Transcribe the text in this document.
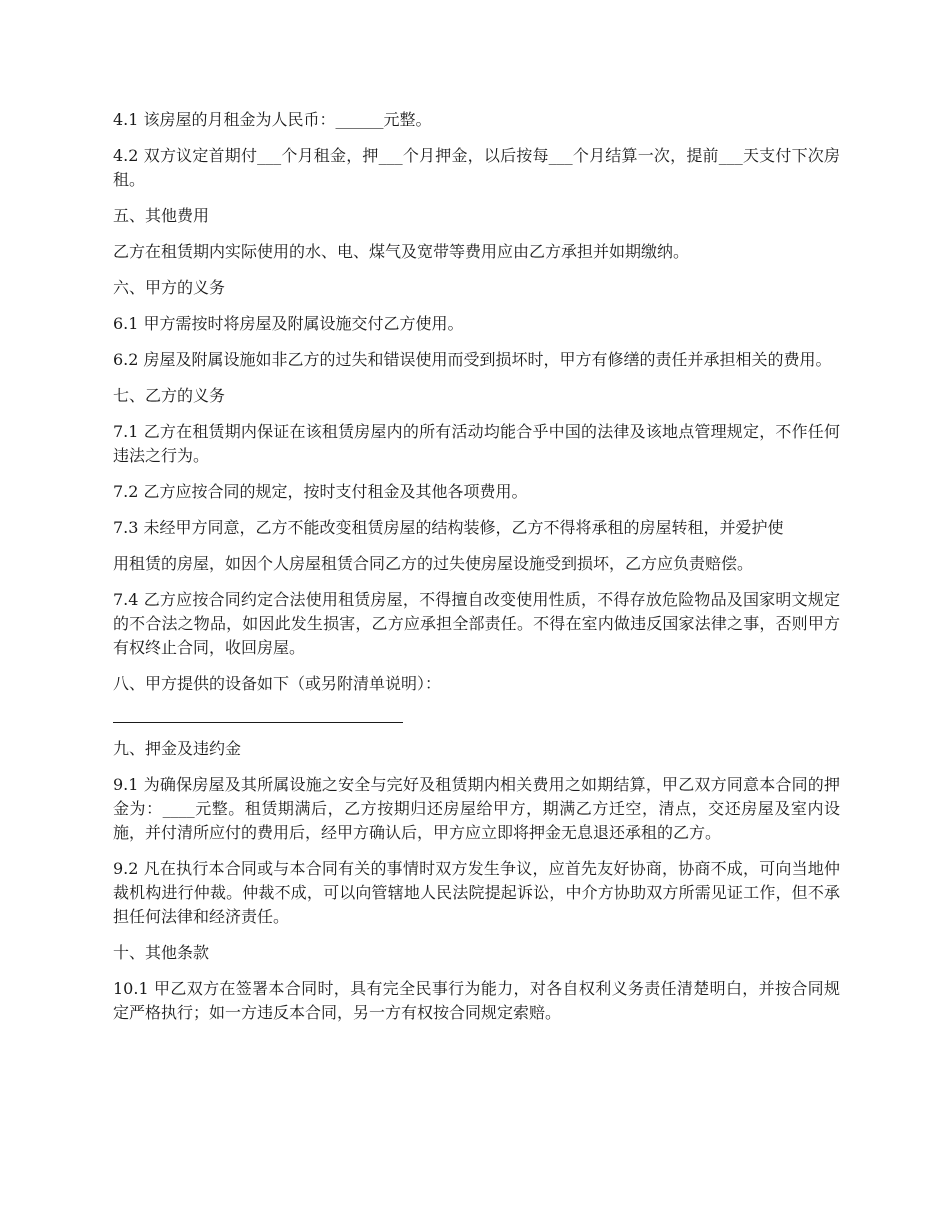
4.1 该房屋的月租金为人民币：______元整。

4.2 双方议定首期付___个月租金，押___个月押金，以后按每___个月结算一次，提前___天支付下次房租。

五、其他费用

乙方在租赁期内实际使用的水、电、煤气及宽带等费用应由乙方承担并如期缴纳。

六、甲方的义务

6.1 甲方需按时将房屋及附属设施交付乙方使用。

6.2 房屋及附属设施如非乙方的过失和错误使用而受到损坏时，甲方有修缮的责任并承担相关的费用。

七、乙方的义务

7.1 乙方在租赁期内保证在该租赁房屋内的所有活动均能合乎中国的法律及该地点管理规定，不作任何违法之行为。

7.2 乙方应按合同的规定，按时支付租金及其他各项费用。

7.3 未经甲方同意，乙方不能改变租赁房屋的结构装修，乙方不得将承租的房屋转租，并爱护使

用租赁的房屋，如因个人房屋租赁合同乙方的过失使房屋设施受到损坏，乙方应负责赔偿。

7.4 乙方应按合同约定合法使用租赁房屋，不得擅自改变使用性质，不得存放危险物品及国家明文规定的不合法之物品，如因此发生损害，乙方应承担全部责任。不得在室内做违反国家法律之事，否则甲方有权终止合同，收回房屋。

八、甲方提供的设备如下（或另附清单说明）：

九、押金及违约金

9.1 为确保房屋及其所属设施之安全与完好及租赁期内相关费用之如期结算，甲乙双方同意本合同的押金为：____元整。租赁期满后，乙方按期归还房屋给甲方，期满乙方迁空，清点，交还房屋及室内设施，并付清所应付的费用后，经甲方确认后，甲方应立即将押金无息退还承租的乙方。

9.2 凡在执行本合同或与本合同有关的事情时双方发生争议，应首先友好协商，协商不成，可向当地仲裁机构进行仲裁。仲裁不成，可以向管辖地人民法院提起诉讼，中介方协助双方所需见证工作，但不承担任何法律和经济责任。

十、其他条款

10.1 甲乙双方在签署本合同时，具有完全民事行为能力，对各自权利义务责任清楚明白，并按合同规定严格执行；如一方违反本合同，另一方有权按合同规定索赔。
